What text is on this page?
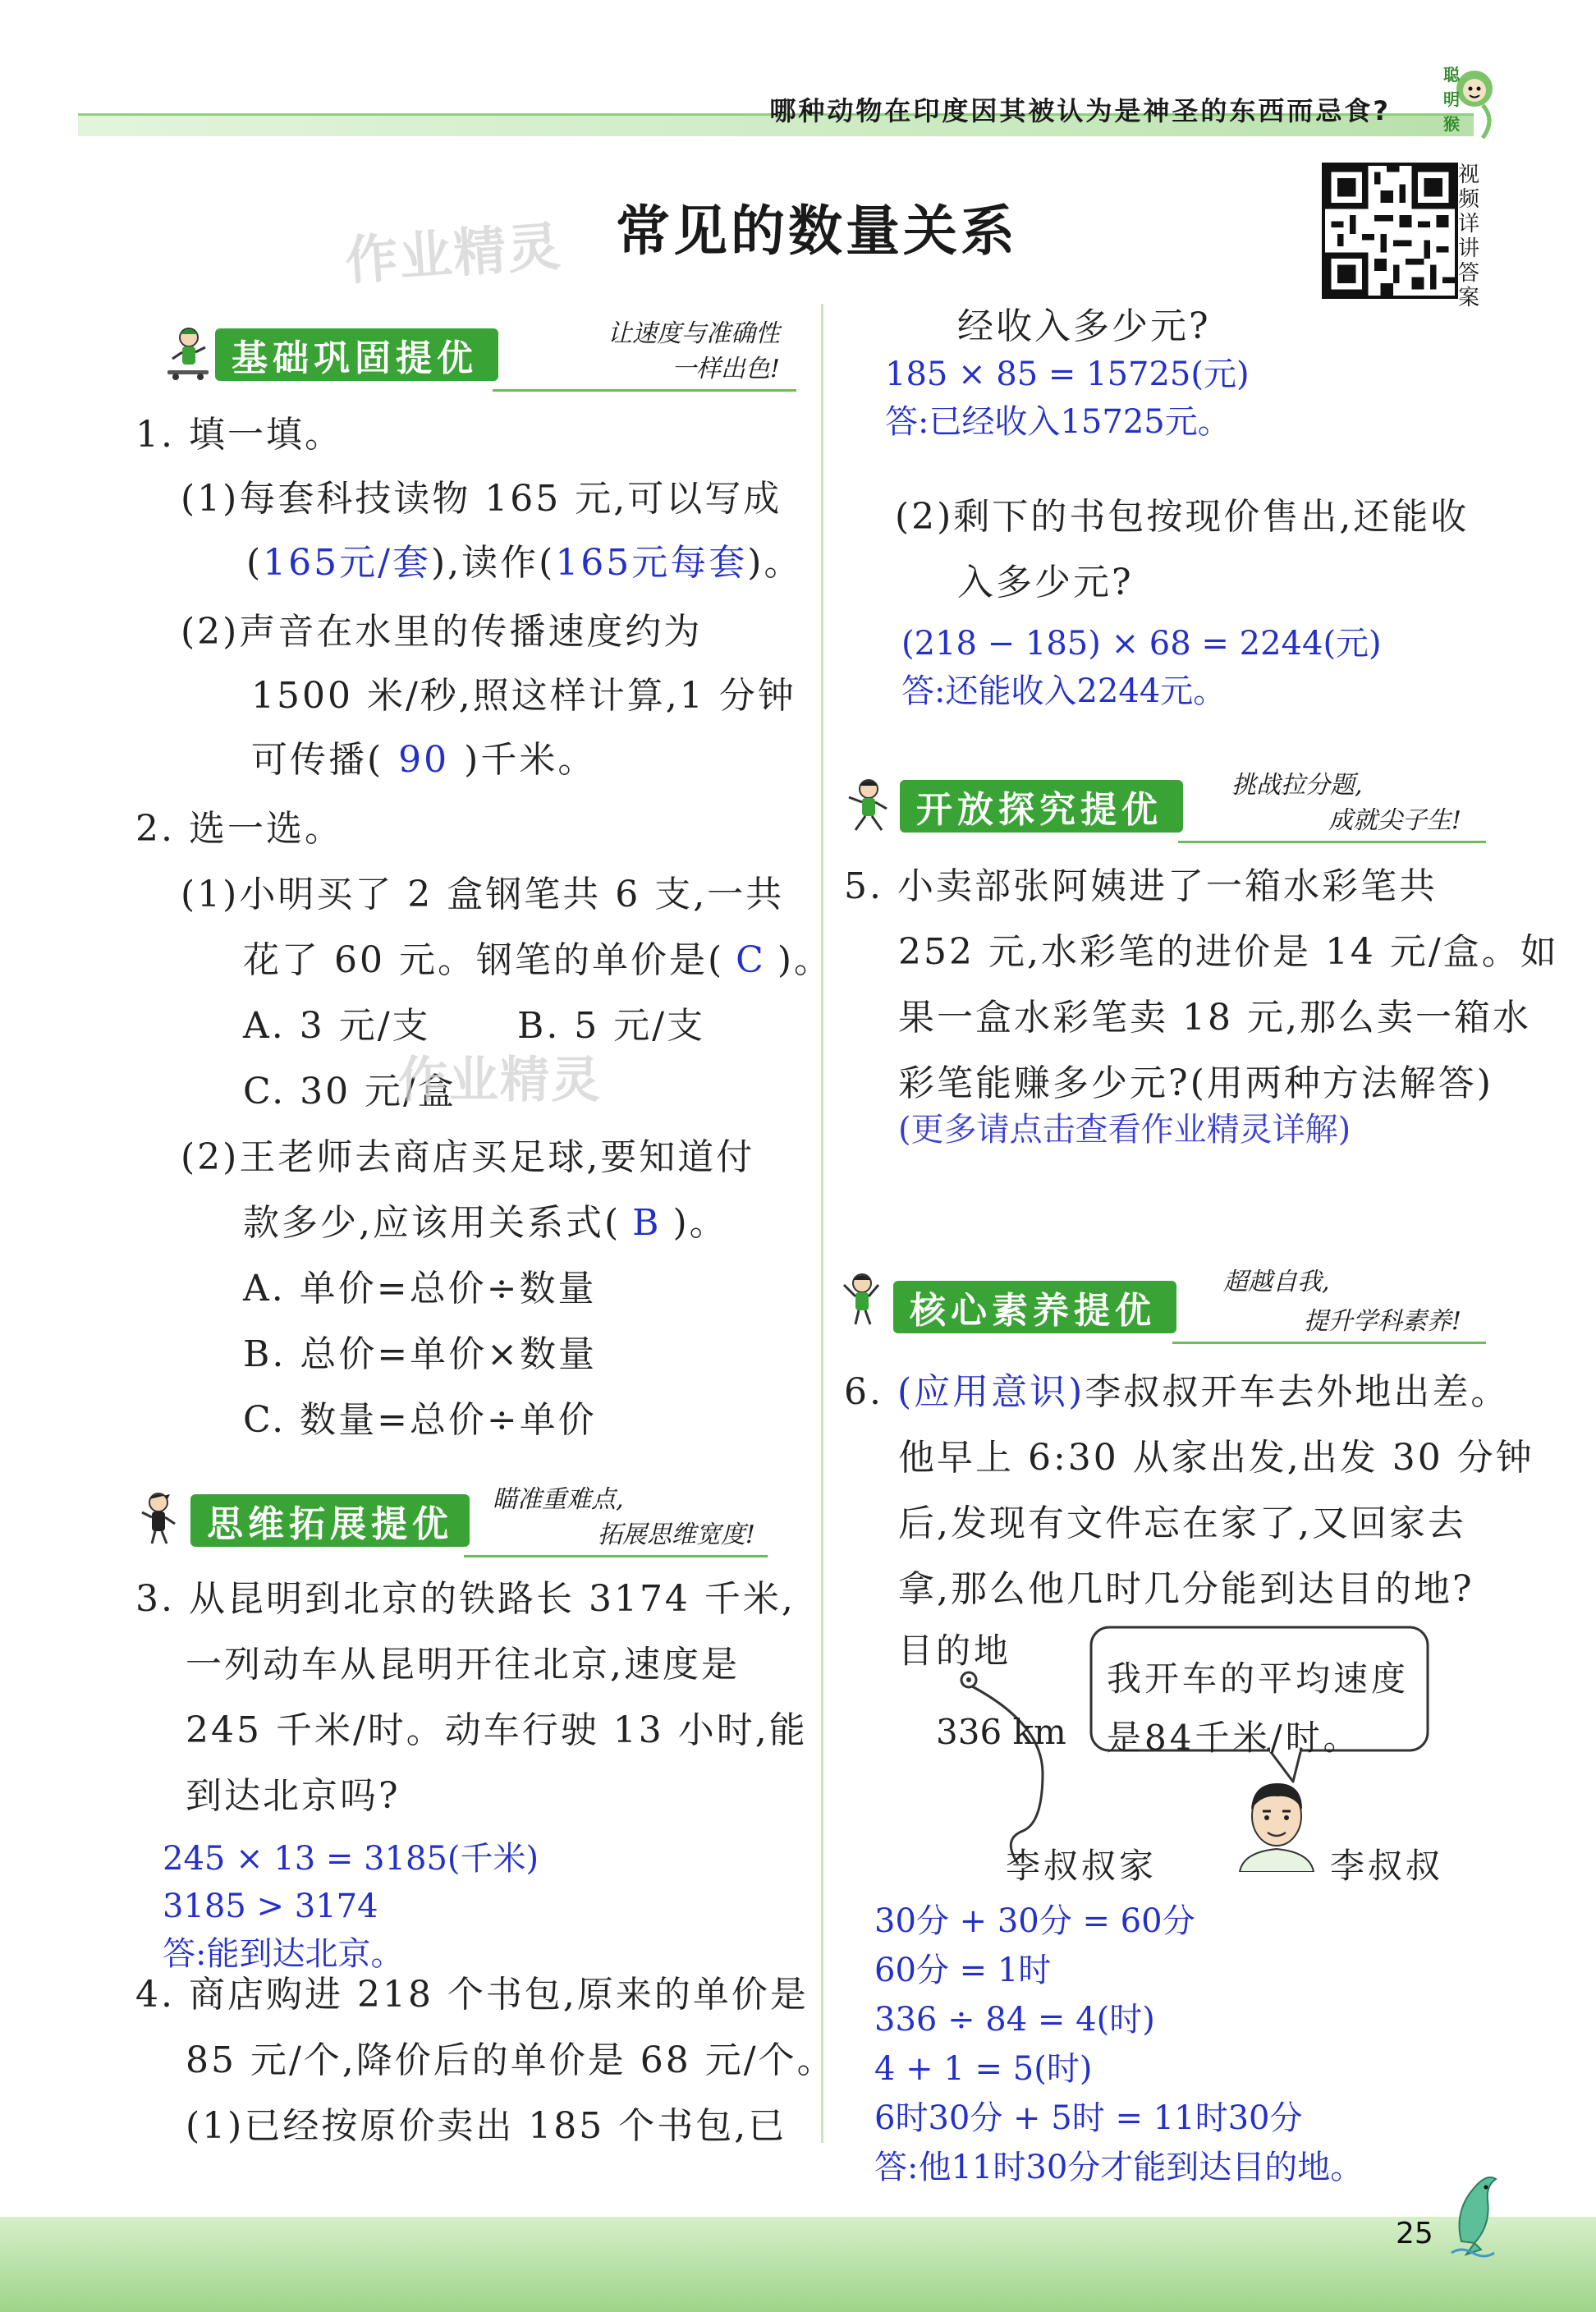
哪种动物在印度因其被认为是神圣的东西而忌食?
聪
明
猴
视频详讲答案
作业精灵 常见的数量关系
基础巩固提优
让速度与准确性
一样出色!
1. 填一填。
(1)每套科技读物 165 元,可以写成
(165元/套),读作(165元每套)。
(2)声音在水里的传播速度约为
1500 米/秒,照这样计算,1 分钟
可传播( 90 )千米。
2. 选一选。
(1)小明买了 2 盒钢笔共 6 支,一共
花了 60 元。钢笔的单价是( C )。
A. 3 元/支 B. 5 元/支
C. 30 元/盒
作业精灵
(2)王老师去商店买足球,要知道付
款多少,应该用关系式( B )。
A. 单价=总价÷数量
B. 总价=单价×数量
C. 数量=总价÷单价
思维拓展提优
瞄准重难点,
拓展思维宽度!
3. 从昆明到北京的铁路长 3174 千米,
一列动车从昆明开往北京,速度是
245 千米/时。动车行驶 13 小时,能
到达北京吗?
245 × 13 = 3185(千米)
3185 > 3174
答:能到达北京。
4. 商店购进 218 个书包,原来的单价是
85 元/个,降价后的单价是 68 元/个。
(1)已经按原价卖出 185 个书包,已
经收入多少元?
185 × 85 = 15725(元)
答:已经收入15725元。
(2)剩下的书包按现价售出,还能收
入多少元?
(218 − 185) × 68 = 2244(元)
答:还能收入2244元。
开放探究提优
挑战拉分题,
成就尖子生!
5. 小卖部张阿姨进了一箱水彩笔共
252 元,水彩笔的进价是 14 元/盒。如
果一盒水彩笔卖 18 元,那么卖一箱水
彩笔能赚多少元?(用两种方法解答)
(更多请点击查看作业精灵详解)
核心素养提优
超越自我,
提升学科素养!
6. (应用意识)李叔叔开车去外地出差。
他早上 6:30 从家出发,出发 30 分钟
后,发现有文件忘在家了,又回家去
拿,那么他几时几分能到达目的地?
目的地
336 km
李叔叔家
我开车的平均速度
是84千米/时。
李叔叔
30分 + 30分 = 60分
60分 = 1时
336 ÷ 84 = 4(时)
4 + 1 = 5(时)
6时30分 + 5时 = 11时30分
答:他11时30分才能到达目的地。
25
